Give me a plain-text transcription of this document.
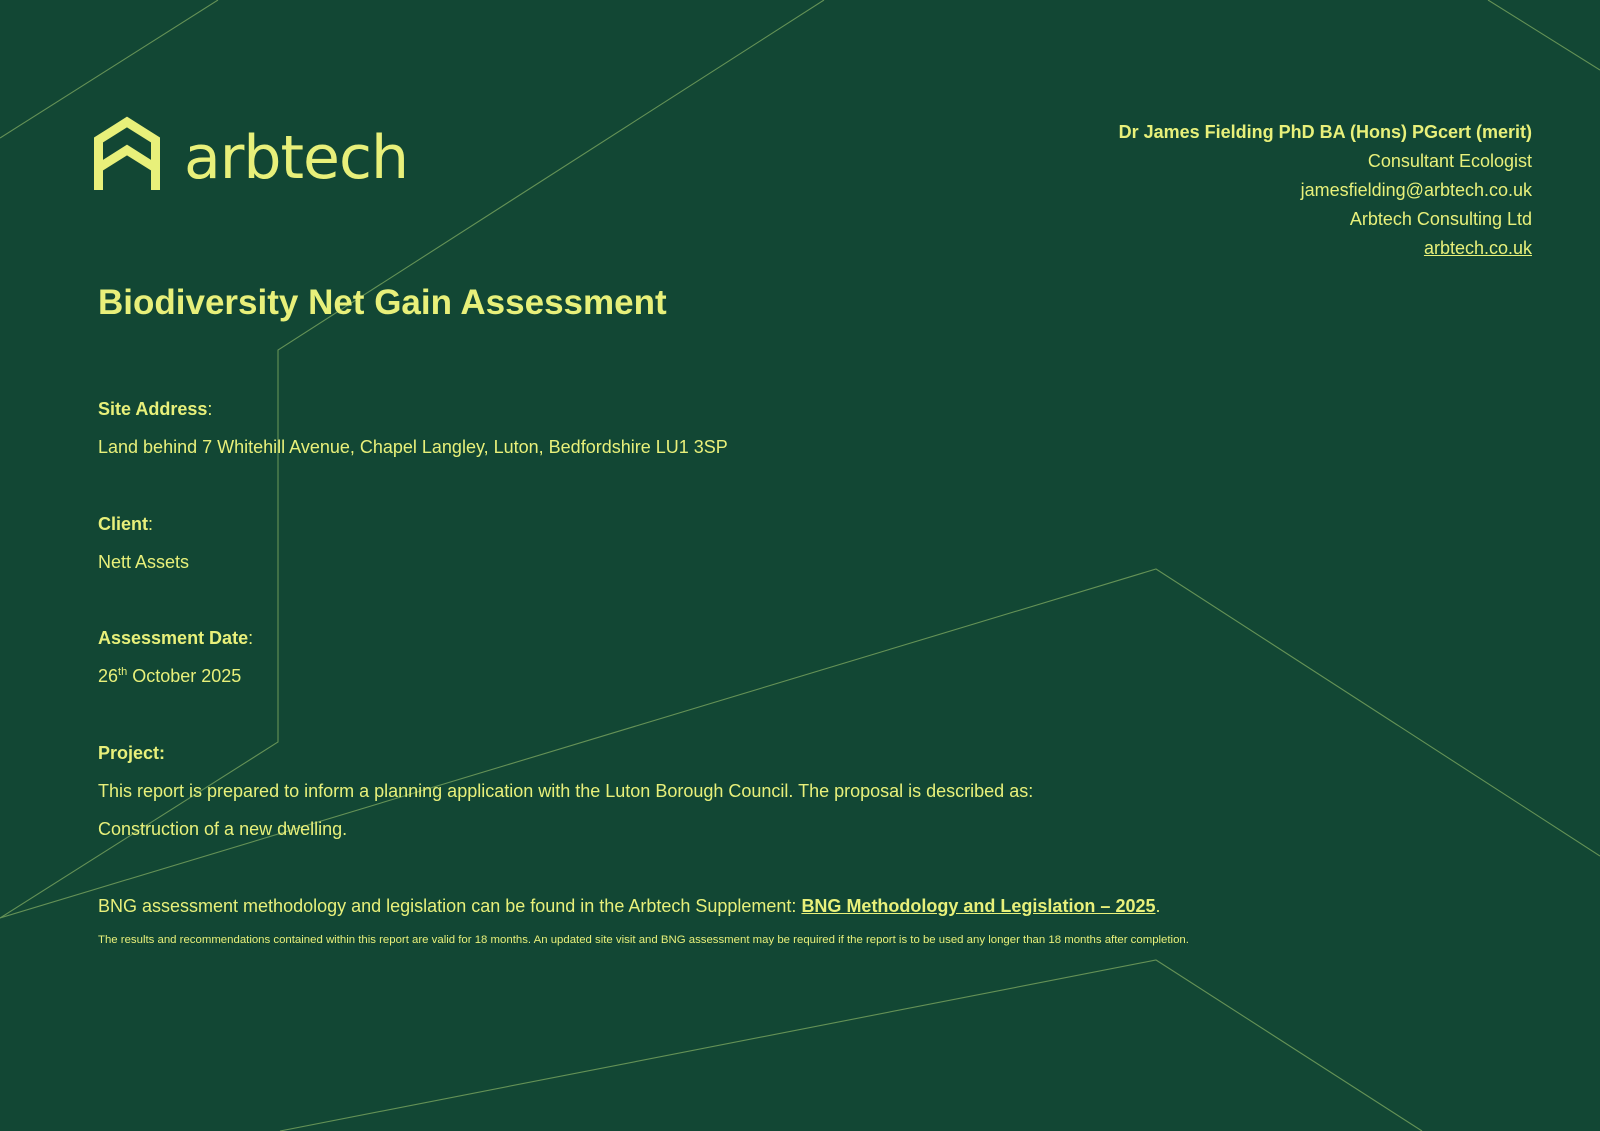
arbtech	Dr James Fielding PhD BA (Hons) PGcert (merit)
Consultant Ecologist
jamesfielding@arbtech.co.uk
Arbtech Consulting Ltd
arbtech.co.uk
Biodiversity Net Gain Assessment
Site Address:
Land behind 7 Whitehill Avenue, Chapel Langley, Luton, Bedfordshire LU1 3SP
Client:
Nett Assets
Assessment Date:
26th October 2025
Project:
This report is prepared to inform a planning application with the Luton Borough Council. The proposal is described as:
Construction of a new dwelling.
BNG assessment methodology and legislation can be found in the Arbtech Supplement: BNG Methodology and Legislation – 2025.
The results and recommendations contained within this report are valid for 18 months. An updated site visit and BNG assessment may be required if the report is to be used any longer than 18 months after completion.
